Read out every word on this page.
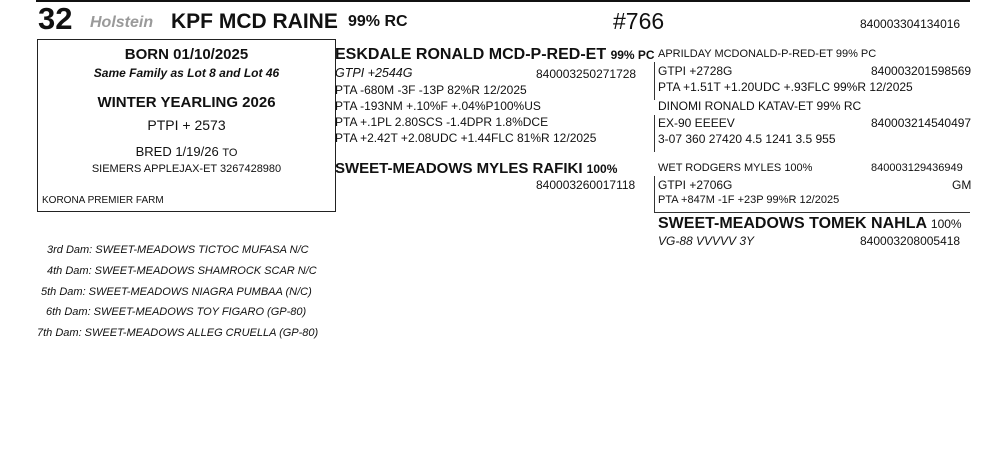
32 Holstein KPF MCD RAINE 99% RC	#766	840003304134016
BORN 01/10/2025
Same Family as Lot 8 and Lot 46
WINTER YEARLING 2026
PTPI + 2573
BRED 1/19/26 TO
SIEMERS APPLEJAX-ET 3267428980
KORONA PREMIER FARM
ESKDALE RONALD MCD-P-RED-ET 99% PC
GTPI +2544G	840003250271728
PTA -680M -3F -13P 82%R 12/2025
PTA -193NM +.10%F +.04%P100%US
PTA +.1PL 2.80SCS -1.4DPR 1.8%DCE
PTA +2.42T +2.08UDC +1.44FLC 81%R 12/2025
SWEET-MEADOWS MYLES RAFIKI 100%
840003260017118
APRILDAY MCDONALD-P-RED-ET 99% PC
GTPI +2728G	840003201598569
PTA +1.51T +1.20UDC +.93FLC 99%R 12/2025
DINOMI RONALD KATAV-ET 99% RC
EX-90 EEEEV	840003214540497
3-07 360 27420 4.5 1241 3.5 955
WET RODGERS MYLES 100%	840003129436949
GTPI +2706G	GM
PTA +847M -1F +23P 99%R 12/2025
SWEET-MEADOWS TOMEK NAHLA 100%
VG-88 VVVVV 3Y	840003208005418
3rd Dam: SWEET-MEADOWS TICTOC MUFASA N/C
4th Dam: SWEET-MEADOWS SHAMROCK SCAR N/C
5th Dam: SWEET-MEADOWS NIAGRA PUMBAA (N/C)
6th Dam: SWEET-MEADOWS TOY FIGARO (GP-80)
7th Dam: SWEET-MEADOWS ALLEG CRUELLA (GP-80)
